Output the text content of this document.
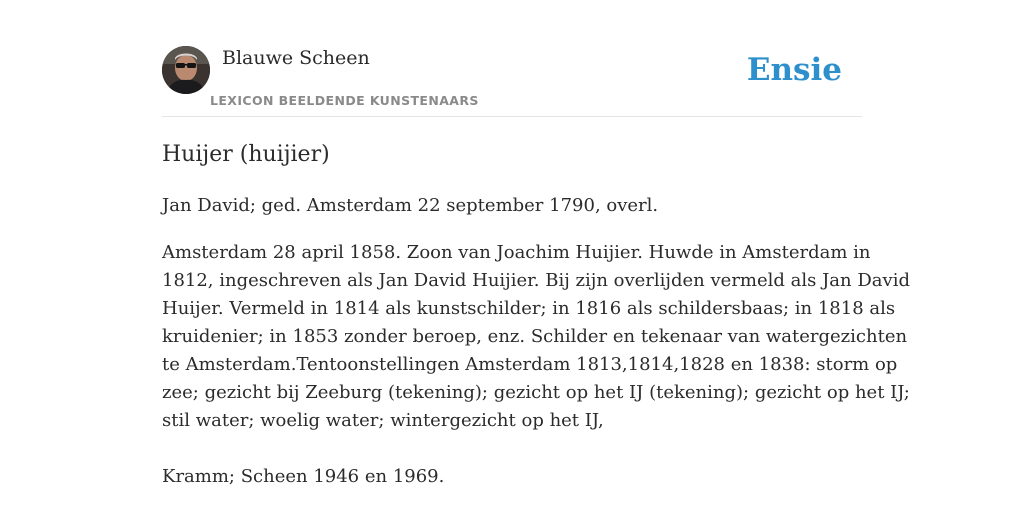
Blauwe Scheen
LEXICON BEELDENDE KUNSTENAARS
Ensie
Huijer (huijier)
Jan David; ged. Amsterdam 22 september 1790, overl.
Amsterdam 28 april 1858. Zoon van Joachim Huijier. Huwde in Amsterdam in
1812, ingeschreven als Jan David Huijier. Bij zijn overlijden vermeld als Jan David
Huijer. Vermeld in 1814 als kunstschilder; in 1816 als schildersbaas; in 1818 als
kruidenier; in 1853 zonder beroep, enz. Schilder en tekenaar van watergezichten
te Amsterdam.Tentoonstellingen Amsterdam 1813,1814,1828 en 1838: storm op
zee; gezicht bij Zeeburg (tekening); gezicht op het IJ (tekening); gezicht op het IJ;
stil water; woelig water; wintergezicht op het IJ,
Kramm; Scheen 1946 en 1969.
